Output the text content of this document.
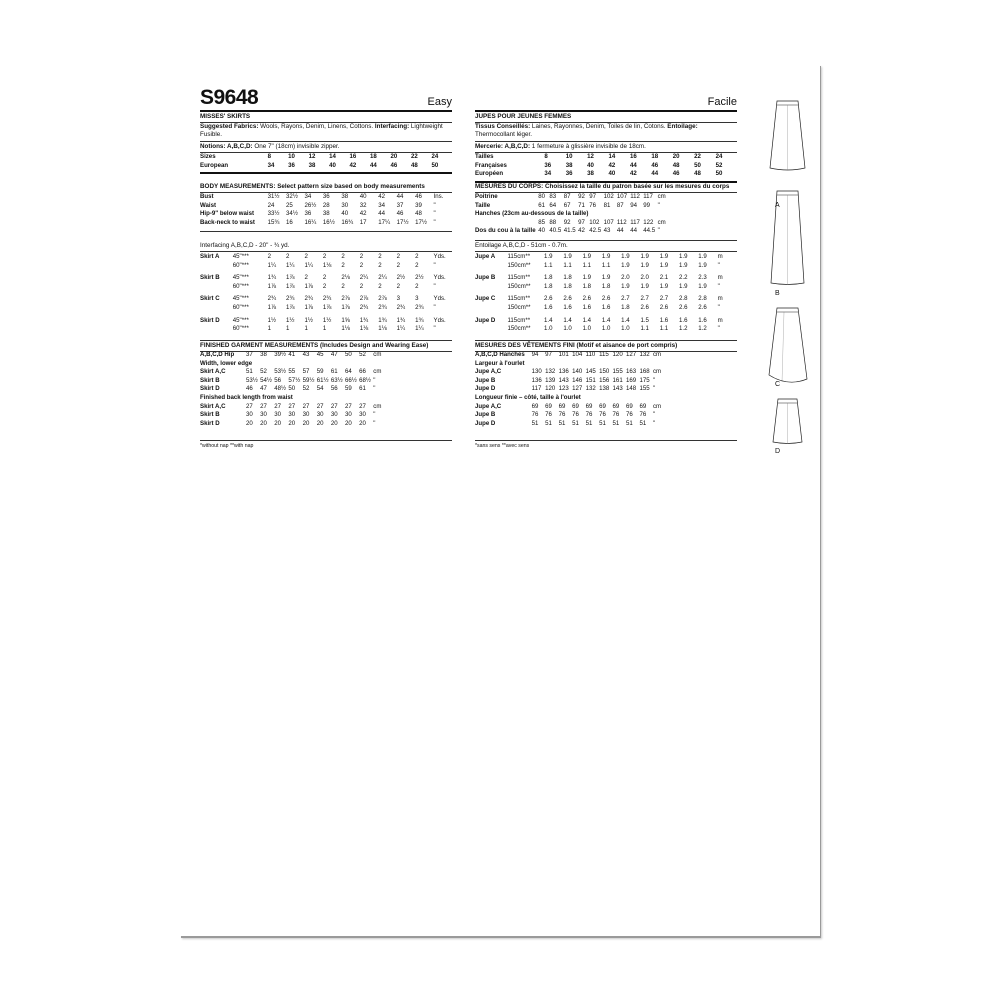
S9648	Easy
MISSES' SKIRTS
Suggested Fabrics: Wools, Rayons, Denim, Linens, Cottons. Interfacing: Lightweight Fusible.
Notions: A,B,C,D: One 7" (18cm) invisible zipper.
Sizes	8	10	12	14	16	18	20	22	24
European	34	36	38	40	42	44	46	48	50
BODY MEASUREMENTS: Select pattern size based on body measurements
Bust	31½	32½	34	36	38	40	42	44	46	Ins.
Waist	24	25	26½	28	30	32	34	37	39	"
Hip-9" below waist	33½	34½	36	38	40	42	44	46	48	"
Back-neck to waist	15¾	16	16¼	16½	16¾	17	17¼	17½	17½	"
Interfacing A,B,C,D - 20" - ¾ yd.
Skirt A	45"***	2	2	2	2	2	2	2	2	2	Yds.
	60"***	1¼	1¼	1¼	1⅛	2	2	2	2	2	"
Skirt B	45"***	1¾	1⅞	2	2	2⅛	2¼	2¼	2½	2½	Yds.
	60"***	1⅞	1⅞	1⅞	2	2	2	2	2	2	"
Skirt C	45"***	2¾	2¾	2¾	2¾	2⅞	2⅞	2⅞	3	3	Yds.
	60"***	1⅞	1⅞	1⅞	1⅞	1⅞	2¾	2¾	2¾	2¾	"
Skirt D	45"***	1½	1½	1½	1½	1⅝	1¾	1¾	1¾	1¾	Yds.
	60"***	1	1	1	1	1⅛	1⅛	1⅛	1¼	1¼	"
FINISHED GARMENT MEASUREMENTS (Includes Design and Wearing Ease)
A,B,C,D Hip	37	38	39½	41	43	45	47	50	52	cm										
Width, lower edge																				
Skirt A,C	51	52	53½	55	57	59	61	64	66	cm										
Skirt B	53½	54½	56	57½	59½	61½	63½	66½	68½	"										
Skirt D	46	47	48½	50	52	54	56	59	61	"										
Finished back length from waist																				
Skirt A,C	27	27	27	27	27	27	27	27	27	cm										
Skirt B	30	30	30	30	30	30	30	30	30	"										
Skirt D	20	20	20	20	20	20	20	20	20	"										
*without nap **with nap
Facile
JUPES POUR JEUNES FEMMES
Tissus Conseillés: Laines, Rayonnes, Denim, Toiles de lin, Cotons. Entoilage: Thermocollant léger.
Mercerie: A,B,C,D: 1 fermeture à glissière invisible de 18cm.
Tailles	8	10	12	14	16	18	20	22	24
Françaises	36	38	40	42	44	46	48	50	52
Européen	34	36	38	40	42	44	46	48	50
MESURES DU CORPS: Choisissez la taille du patron basée sur les mesures du corps
Poitrine	80	83	87	92	97	102	107	112	117	cm										
Taille	61	64	67	71	76	81	87	94	99	"										
Hanches (23cm au-dessous de la taille)																				
	85	88	92	97	102	107	112	117	122	cm										
Dos du cou à la taille	40	40.5	41.5	42	42.5	43	44	44	44.5	"										
Entoilage A,B,C,D - 51cm - 0.7m.
Jupe A	115cm**	1.9	1.9	1.9	1.9	1.9	1.9	1.9	1.9	1.9	m
	150cm**	1.1	1.1	1.1	1.1	1.9	1.9	1.9	1.9	1.9	"
Jupe B	115cm**	1.8	1.8	1.9	1.9	2.0	2.0	2.1	2.2	2.3	m
	150cm**	1.8	1.8	1.8	1.8	1.9	1.9	1.9	1.9	1.9	"
Jupe C	115cm**	2.6	2.6	2.6	2.6	2.7	2.7	2.7	2.8	2.8	m
	150cm**	1.6	1.6	1.6	1.6	1.8	2.6	2.6	2.6	2.6	"
Jupe D	115cm**	1.4	1.4	1.4	1.4	1.4	1.5	1.6	1.6	1.6	m
	150cm**	1.0	1.0	1.0	1.0	1.0	1.1	1.1	1.2	1.2	"
MESURES DES VÊTEMENTS FINI (Motif et aisance de port compris)
A,B,C,D Hanches	94	97	101	104	110	115	120	127	132	cm										
Largeur à l'ourlet																				
Jupe A,C	130	132	136	140	145	150	155	163	168	cm										
Jupe B	136	139	143	146	151	156	161	169	175	"										
Jupe D	117	120	123	127	132	138	143	148	155	"										
Longueur finie – côté, taille à l'ourlet																				
Jupe A,C	69	69	69	69	69	69	69	69	69	cm										
Jupe B	76	76	76	76	76	76	76	76	76	"										
Jupe D	51	51	51	51	51	51	51	51	51	"										
*sans sens **avec sens
A
B
C
D
